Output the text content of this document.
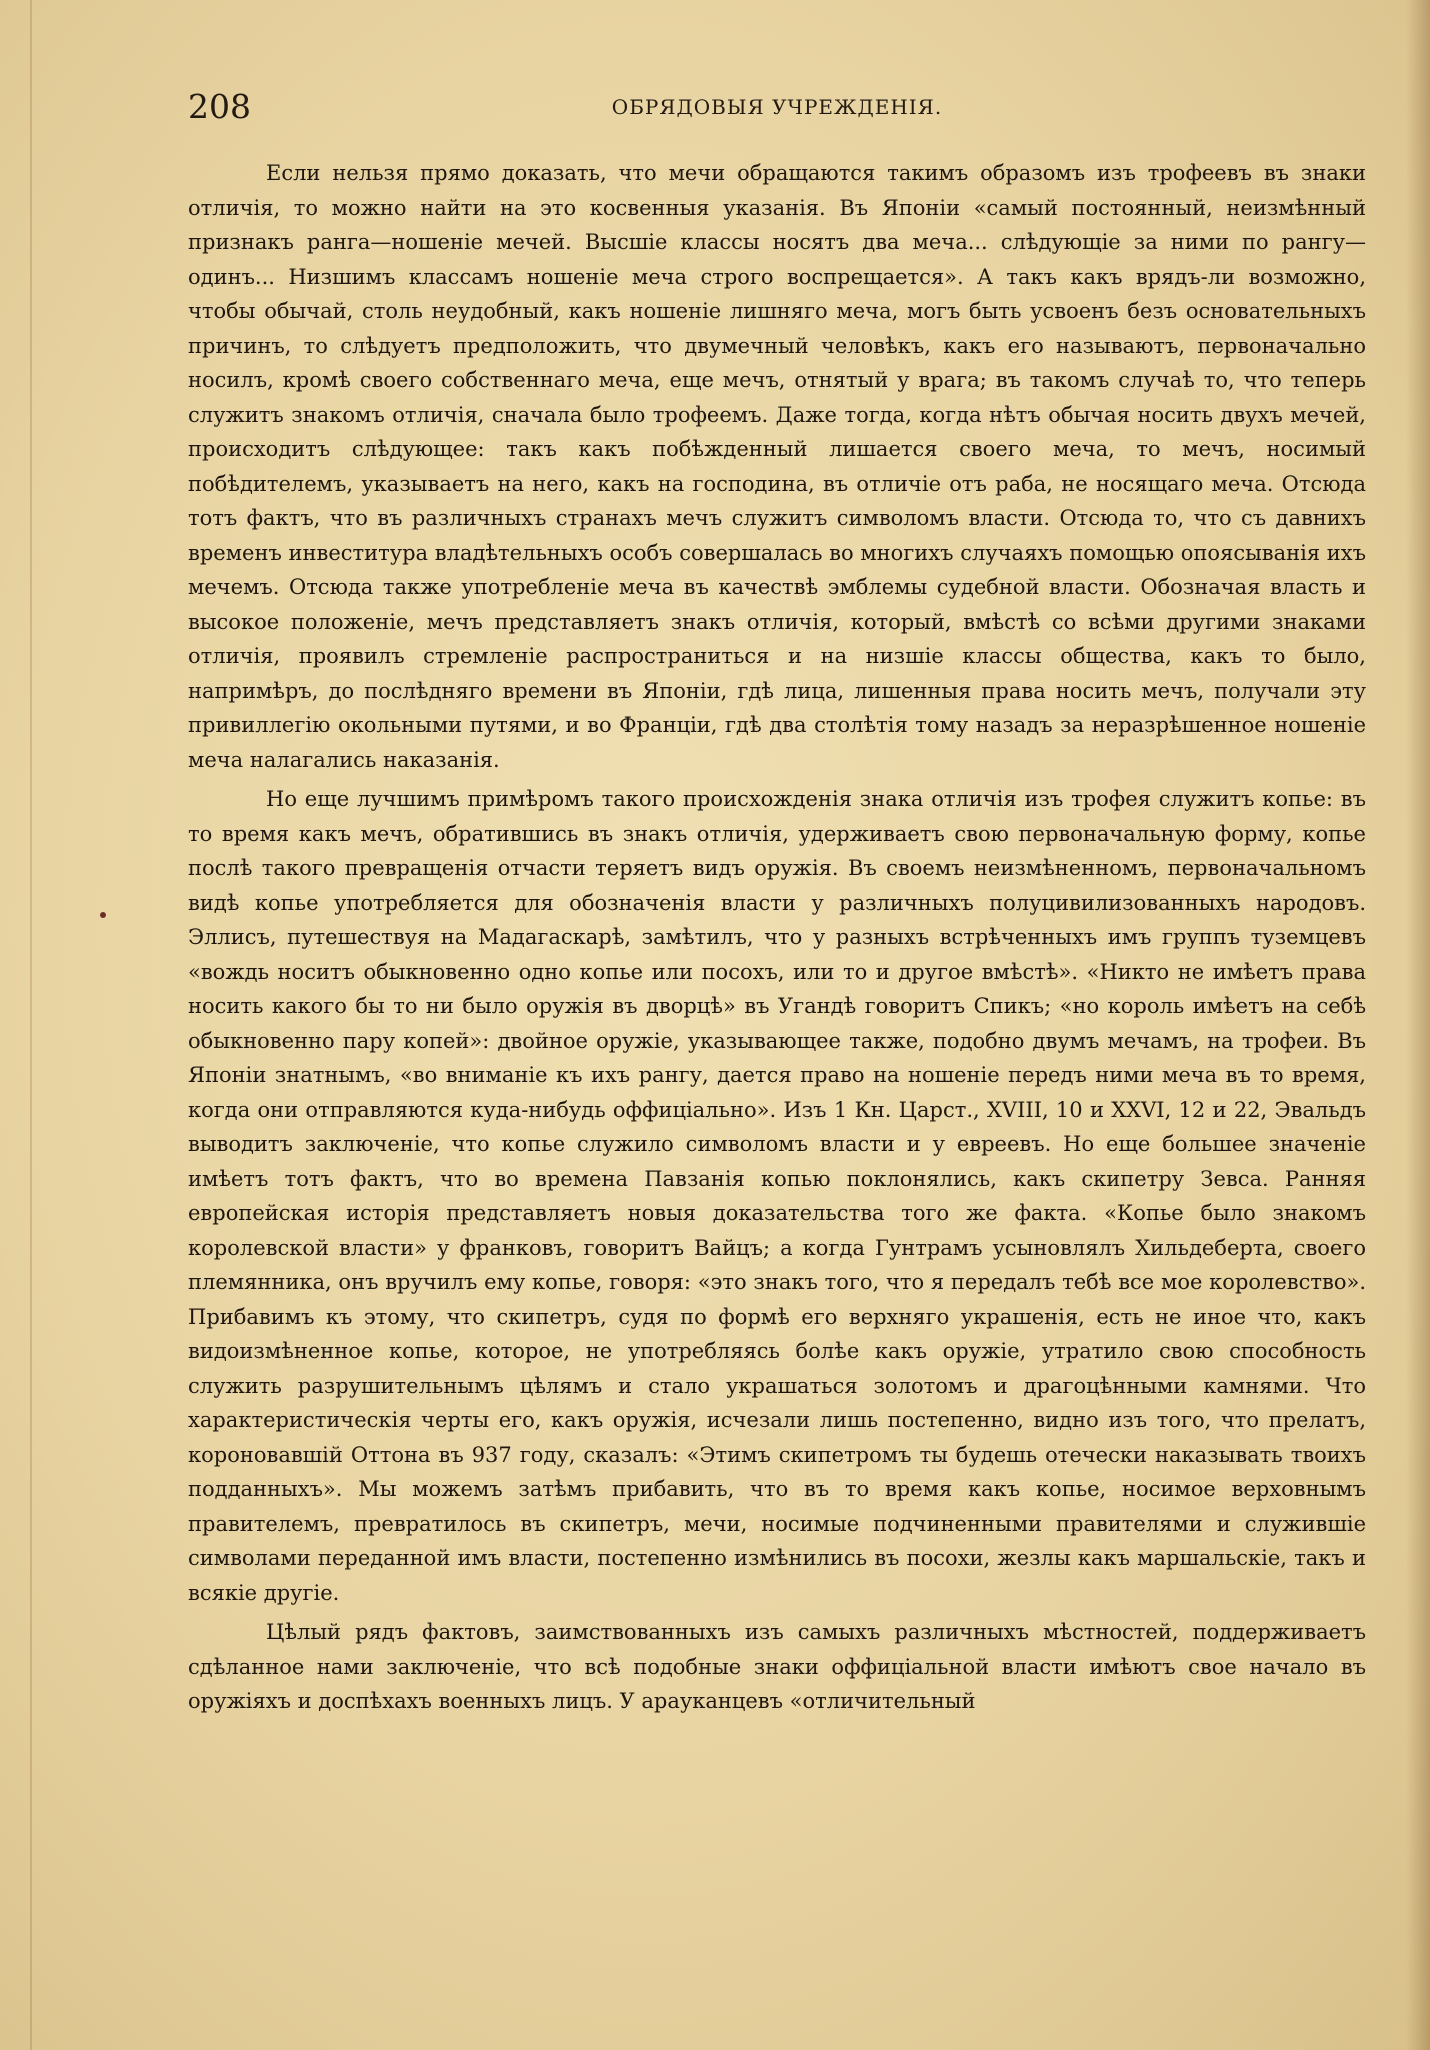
208	ОБРЯДОВЫЯ УЧРЕЖДЕНІЯ.

Если нельзя прямо доказать, что мечи обращаются такимъ образомъ изъ трофеевъ въ знаки отличія, то можно найти на это косвенныя указанія. Въ Японіи «самый постоянный, неизмѣнный признакъ ранга—ношеніе мечей. Высшіе классы носятъ два меча... слѣдующіе за ними по рангу—одинъ... Низшимъ классамъ ношеніе меча строго воспрещается». А такъ какъ врядъ-ли возможно, чтобы обычай, столь неудобный, какъ ношеніе лишняго меча, могъ быть усвоенъ безъ основательныхъ причинъ, то слѣдуетъ предположить, что двумечный человѣкъ, какъ его называютъ, первоначально носилъ, кромѣ своего собственнаго меча, еще мечъ, отнятый у врага; въ такомъ случаѣ то, что теперь служитъ знакомъ отличія, сначала было трофеемъ. Даже тогда, когда нѣтъ обычая носить двухъ мечей, происходитъ слѣдующее: такъ какъ побѣжденный лишается своего меча, то мечъ, носимый побѣдителемъ, указываетъ на него, какъ на господина, въ отличіе отъ раба, не носящаго меча. Отсюда тотъ фактъ, что въ различныхъ странахъ мечъ служитъ символомъ власти. Отсюда то, что съ давнихъ временъ инвеститура владѣтельныхъ особъ совершалась во многихъ случаяхъ помощью опоясыванія ихъ мечемъ. Отсюда также употребленіе меча въ качествѣ эмблемы судебной власти. Обозначая власть и высокое положеніе, мечъ представляетъ знакъ отличія, который, вмѣстѣ со всѣми другими знаками отличія, проявилъ стремленіе распространиться и на низшіе классы общества, какъ то было, напримѣръ, до послѣдняго времени въ Японіи, гдѣ лица, лишенныя права носить мечъ, получали эту привиллегію окольными путями, и во Франціи, гдѣ два столѣтія тому назадъ за неразрѣшенное ношеніе меча налагались наказанія.

Но еще лучшимъ примѣромъ такого происхожденія знака отличія изъ трофея служитъ копье: въ то время какъ мечъ, обратившись въ знакъ отличія, удерживаетъ свою первоначальную форму, копье послѣ такого превращенія отчасти теряетъ видъ оружія. Въ своемъ неизмѣненномъ, первоначальномъ видѣ копье употребляется для обозначенія власти у различныхъ полуцивилизованныхъ народовъ. Эллисъ, путешествуя на Мадагаскарѣ, замѣтилъ, что у разныхъ встрѣченныхъ имъ группъ туземцевъ «вождь носитъ обыкновенно одно копье или посохъ, или то и другое вмѣстѣ». «Никто не имѣетъ права носить какого бы то ни было оружія въ дворцѣ» въ Угандѣ говоритъ Спикъ; «но король имѣетъ на себѣ обыкновенно пару копей»: двойное оружіе, указывающее также, подобно двумъ мечамъ, на трофеи. Въ Японіи знатнымъ, «во вниманіе къ ихъ рангу, дается право на ношеніе передъ ними меча въ то время, когда они отправляются куда-нибудь оффиціально». Изъ 1 Кн. Царст., XVIII, 10 и XXVI, 12 и 22, Эвальдъ выводитъ заключеніе, что копье служило символомъ власти и у евреевъ. Но еще большее значеніе имѣетъ тотъ фактъ, что во времена Павзанія копью поклонялись, какъ скипетру Зевса. Ранняя европейская исторія представляетъ новыя доказательства того же факта. «Копье было знакомъ королевской власти» у франковъ, говоритъ Вайцъ; а когда Гунтрамъ усыновлялъ Хильдеберта, своего племянника, онъ вручилъ ему копье, говоря: «это знакъ того, что я передалъ тебѣ все мое королевство». Прибавимъ къ этому, что скипетръ, судя по формѣ его верхняго украшенія, есть не иное что, какъ видоизмѣненное копье, которое, не употребляясь болѣе какъ оружіе, утратило свою способность служить разрушительнымъ цѣлямъ и стало украшаться золотомъ и драгоцѣнными камнями. Что характеристическія черты его, какъ оружія, исчезали лишь постепенно, видно изъ того, что прелатъ, короновавшій Оттона въ 937 году, сказалъ: «Этимъ скипетромъ ты будешь отечески наказывать твоихъ подданныхъ». Мы можемъ затѣмъ прибавить, что въ то время какъ копье, носимое верховнымъ правителемъ, превратилось въ скипетръ, мечи, носимые подчиненными правителями и служившіе символами переданной имъ власти, постепенно измѣнились въ посохи, жезлы какъ маршальскіе, такъ и всякіе другіе.

Цѣлый рядъ фактовъ, заимствованныхъ изъ самыхъ различныхъ мѣстностей, поддерживаетъ сдѣланное нами заключеніе, что всѣ подобные знаки оффиціальной власти имѣютъ свое начало въ оружіяхъ и доспѣхахъ военныхъ лицъ. У арауканцевъ «отличительный
